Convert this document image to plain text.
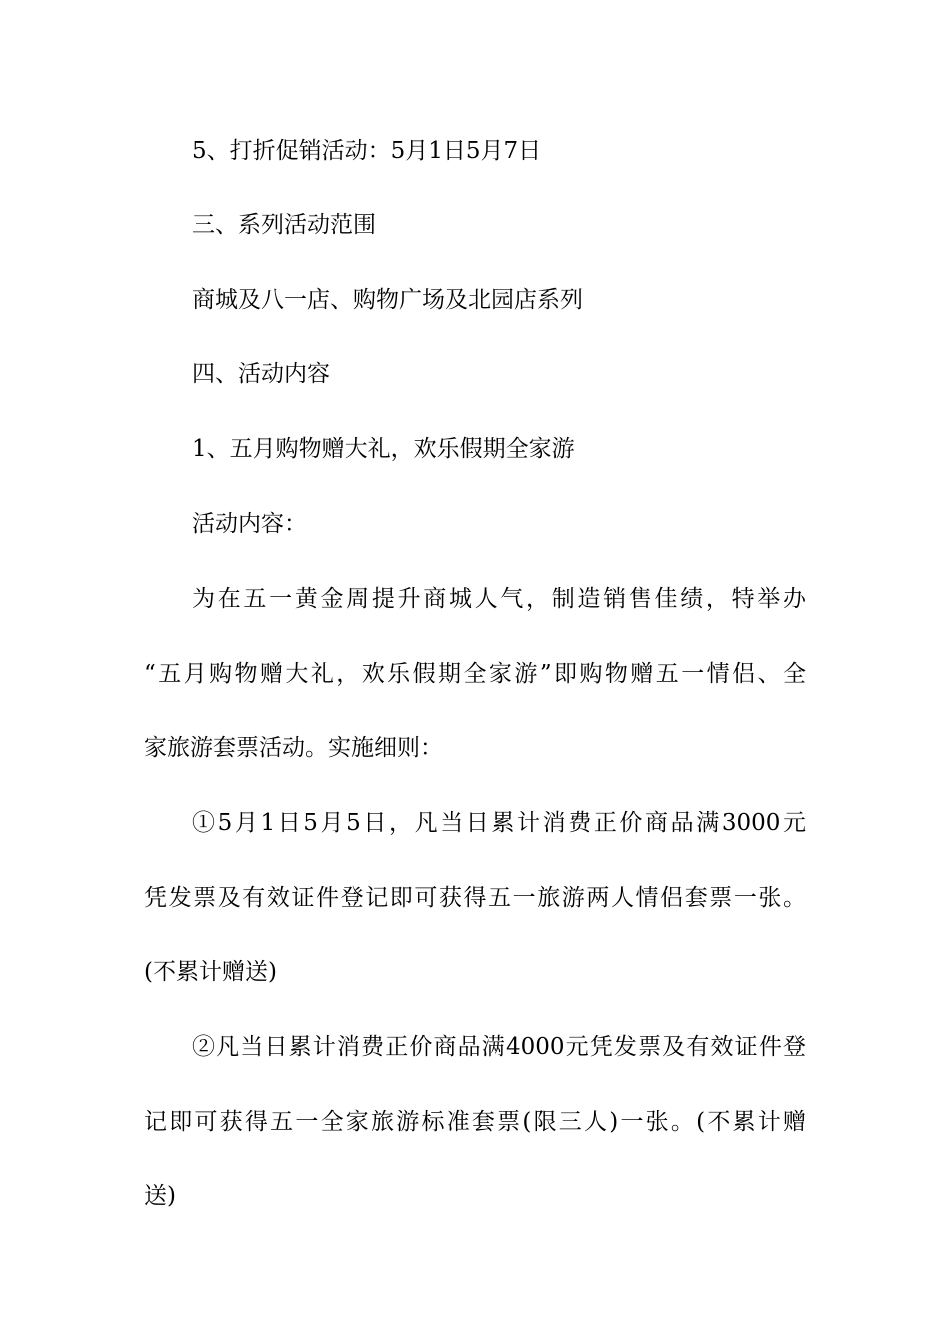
5、打折促销活动：5月1日5月7日
三、系列活动范围
商城及八一店、购物广场及北园店系列
四、活动内容
1、五月购物赠大礼，欢乐假期全家游
活动内容：
为在五一黄金周提升商城人气，制造销售佳绩，特举办
“五月购物赠大礼，欢乐假期全家游”即购物赠五一情侣、全
家旅游套票活动。实施细则：
①5月1日5月5日，凡当日累计消费正价商品满3000元
凭发票及有效证件登记即可获得五一旅游两人情侣套票一张。
(不累计赠送)
②凡当日累计消费正价商品满4000元凭发票及有效证件登
记即可获得五一全家旅游标准套票(限三人)一张。(不累计赠
送)
